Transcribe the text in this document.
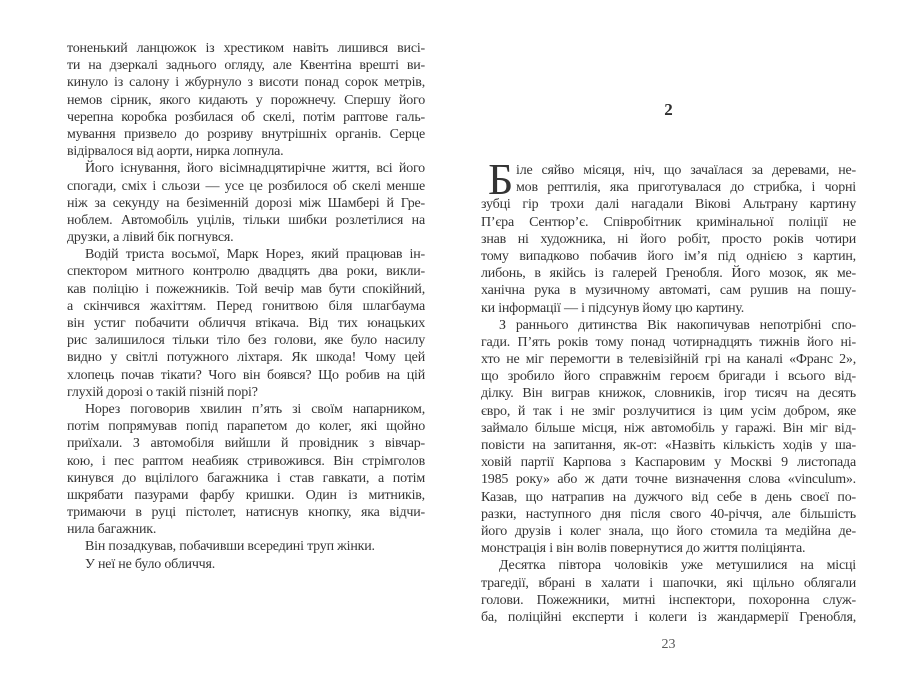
тоненький ланцюжок із хрестиком навіть лишився висі-
ти на дзеркалі заднього огляду, але Квентіна врешті ви-
кинуло із салону і жбурнуло з висоти понад сорок метрів,
немов сірник, якого кидають у порожнечу. Спершу його
черепна коробка розбилася об скелі, потім раптове галь-
мування призвело до розриву внутрішніх органів. Серце
відірвалося від аорти, нирка лопнула.
Його існування, його вісімнадцятирічне життя, всі його
спогади, сміх і сльози — усе це розбилося об скелі менше
ніж за секунду на безіменній дорозі між Шамбері й Гре-
ноблем. Автомобіль уцілів, тільки шибки розлетілися на
друзки, а лівий бік погнувся.
Водій триста восьмої, Марк Норез, який працював ін-
спектором митного контролю двадцять два роки, викли-
кав поліцію і пожежників. Той вечір мав бути спокійний,
а скінчився жахіттям. Перед гонитвою біля шлагбаума
він устиг побачити обличчя втікача. Від тих юнацьких
рис залишилося тільки тіло без голови, яке було насилу
видно у світлі потужного ліхтаря. Як шкода! Чому цей
хлопець почав тікати? Чого він боявся? Що робив на цій
глухій дорозі о такій пізній порі?
Норез поговорив хвилин п’ять зі своїм напарником,
потім попрямував попід парапетом до колег, які щойно
приїхали. З автомобіля вийшли й провідник з вівчар-
кою, і пес раптом неабияк стривожився. Він стрімголов
кинувся до вцілілого багажника і став гавкати, а потім
шкрябати пазурами фарбу кришки. Один із митників,
тримаючи в руці пістолет, натиснув кнопку, яка відчи-
нила багажник.
Він позадкував, побачивши всередині труп жінки.
У неї не було обличчя.
2
Б іле сяйво місяця, ніч, що зачаїлася за деревами, не-
мов рептилія, яка приготувалася до стрибка, і чорні
зубці гір трохи далі нагадали Вікові Альтрану картину
П’єра Сентюр’є. Співробітник кримінальної поліції не
знав ні художника, ні його робіт, просто років чотири
тому випадково побачив його ім’я під однією з картин,
либонь, в якійсь із галерей Гренобля. Його мозок, як ме-
ханічна рука в музичному автоматі, сам рушив на пошу-
ки інформації — і підсунув йому цю картину.
З раннього дитинства Вік накопичував непотрібні спо-
гади. П’ять років тому понад чотирнадцять тижнів його ні-
хто не міг перемогти в телевізійній грі на каналі «Франс 2»,
що зробило його справжнім героєм бригади і всього від-
ділку. Він виграв книжок, словників, ігор тисяч на десять
євро, й так і не зміг розлучитися із цим усім добром, яке
займало більше місця, ніж автомобіль у гаражі. Він міг від-
повісти на запитання, як-от: «Назвіть кількість ходів у ша-
ховій партії Карпова з Каспаровим у Москві 9 листопада
1985 року» або ж дати точне визначення слова «vinculum».
Казав, що натрапив на дужчого від себе в день своєї по-
разки, наступного дня після свого 40-річчя, але більшість
його друзів і колег знала, що його стомила та медійна де-
монстрація і він волів повернутися до життя поліціянта.
Десятка півтора чоловіків уже метушилися на місці
трагедії, вбрані в халати і шапочки, які щільно облягали
голови. Пожежники, митні інспектори, похоронна служ-
ба, поліційні експерти і колеги із жандармерії Гренобля,
23
